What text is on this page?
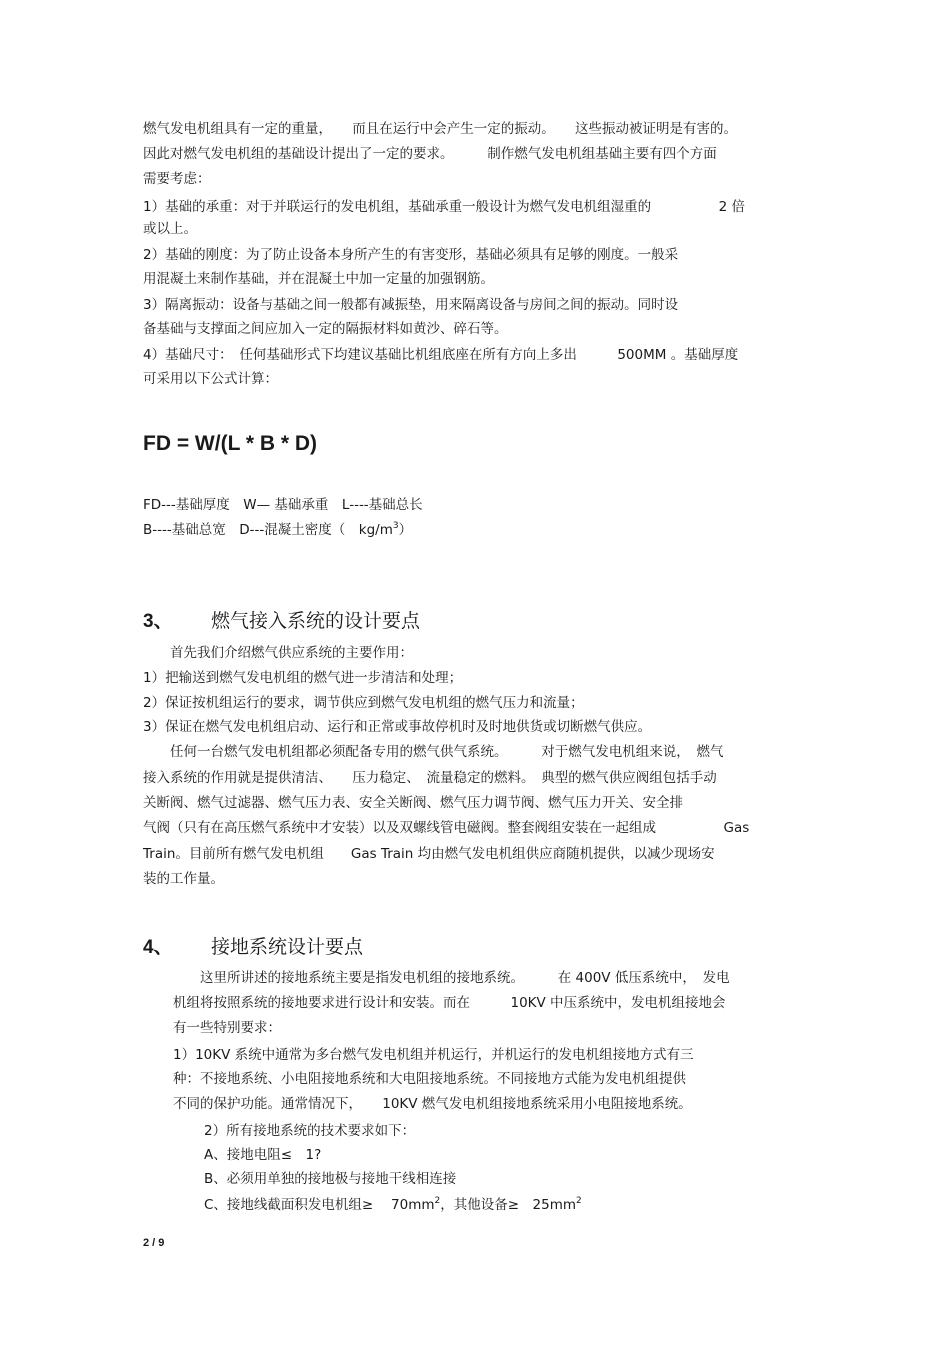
燃气发电机组具有一定的重量，　　而且在运行中会产生一定的振动。　　这些振动被证明是有害的。
因此对燃气发电机组的基础设计提出了一定的要求。　　　制作燃气发电机组基础主要有四个方面
需要考虑：
1）基础的承重：对于并联运行的发电机组，基础承重一般设计为燃气发电机组湿重的　　　　　2 倍
或以上。
2）基础的刚度：为了防止设备本身所产生的有害变形，基础必须具有足够的刚度。一般采
用混凝土来制作基础，并在混凝土中加一定量的加强钢筋。
3）隔离振动：设备与基础之间一般都有减振垫，用来隔离设备与房间之间的振动。同时设
备基础与支撑面之间应加入一定的隔振材料如黄沙、碎石等。
4）基础尺寸：　任何基础形式下均建议基础比机组底座在所有方向上多出　　　500MM 。基础厚度
可采用以下公式计算：
FD = W/(L * B * D)
FD---基础厚度　W— 基础承重　L----基础总长
B----基础总宽　D---混凝土密度（　$kg/m^3$）
3、 燃气接入系统的设计要点
　　首先我们介绍燃气供应系统的主要作用：
1）把输送到燃气发电机组的燃气进一步清洁和处理；
2）保证按机组运行的要求，调节供应到燃气发电机组的燃气压力和流量；
3）保证在燃气发电机组启动、运行和正常或事故停机时及时地供货或切断燃气供应。
　　任何一台燃气发电机组都必须配备专用的燃气供气系统。　　　对于燃气发电机组来说，　燃气
接入系统的作用就是提供清洁、　　压力稳定、　流量稳定的燃料。　典型的燃气供应阀组包括手动
关断阀、燃气过滤器、燃气压力表、安全关断阀、燃气压力调节阀、燃气压力开关、安全排
气阀（只有在高压燃气系统中才安装）以及双螺线管电磁阀。整套阀组安装在一起组成　　　　　Gas
Train。目前所有燃气发电机组　　Gas Train 均由燃气发电机组供应商随机提供，以减少现场安
装的工作量。
4、 接地系统设计要点
　　这里所讲述的接地系统主要是指发电机组的接地系统。　　　在 400V 低压系统中，　发电
机组将按照系统的接地要求进行设计和安装。而在　　　10KV 中压系统中，发电机组接地会
有一些特别要求：
1）10KV 系统中通常为多台燃气发电机组并机运行，并机运行的发电机组接地方式有三
种：不接地系统、小电阻接地系统和大电阻接地系统。不同接地方式能为发电机组提供
不同的保护功能。通常情况下，　　10KV 燃气发电机组接地系统采用小电阻接地系统。
2）所有接地系统的技术要求如下：
A、接地电阻≤　1?
B、必须用单独的接地极与接地干线相连接
C、接地线截面积发电机组≥　 $70mm^2$，其他设备≥　$25mm^2$
2 / 9
